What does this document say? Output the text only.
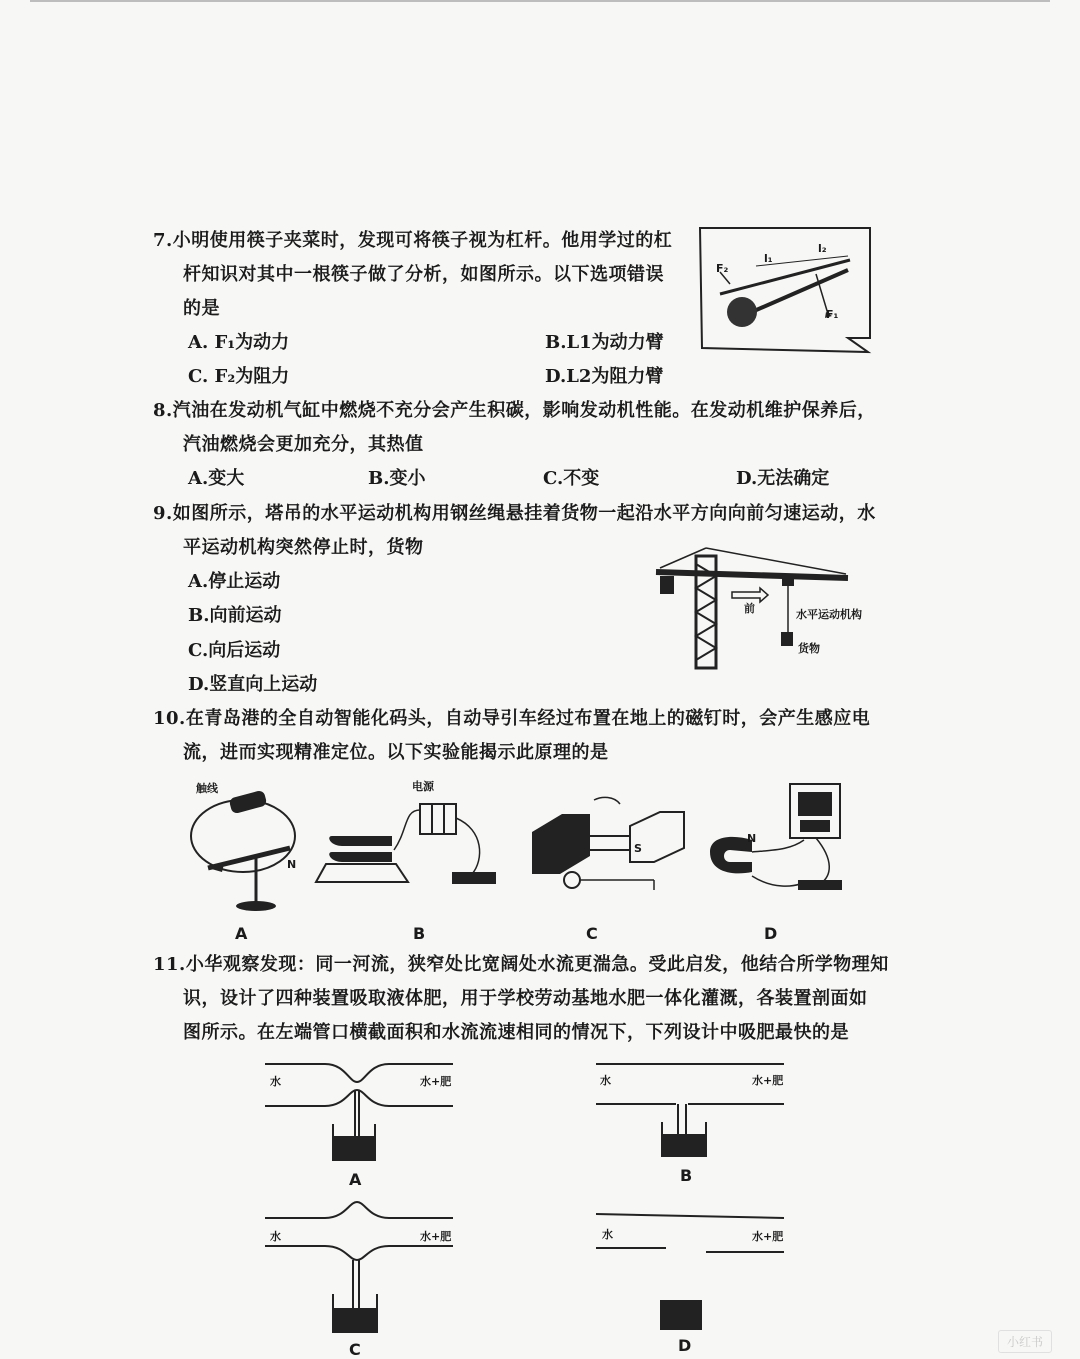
7.小明使用筷子夹菜时，发现可将筷子视为杠杆。他用学过的杠
杆知识对其中一根筷子做了分析，如图所示。以下选项错误
的是
A. F₁为动力	B.L1为动力臂
C. F₂为阻力	D.L2为阻力臂
F₂
l₁
l₂
F₁
8.汽油在发动机气缸中燃烧不充分会产生积碳，影响发动机性能。在发动机维护保养后，
汽油燃烧会更加充分，其热值
A.变大	B.变小	C.不变	D.无法确定
9.如图所示，塔吊的水平运动机构用钢丝绳悬挂着货物一起沿水平方向向前匀速运动，水
平运动机构突然停止时，货物
A.停止运动
B.向前运动
C.向后运动
D.竖直向上运动
前	水平运动机构
货物
10.在青岛港的全自动智能化码头，自动导引车经过布置在地上的磁钉时，会产生感应电
流，进而实现精准定位。以下实验能揭示此原理的是
触线
N
A
电源
B
S
C
N
D
11.小华观察发现：同一河流，狭窄处比宽阔处水流更湍急。受此启发，他结合所学物理知
识，设计了四种装置吸取液体肥，用于学校劳动基地水肥一体化灌溉，各装置剖面如
图所示。在左端管口横截面积和水流流速相同的情况下，下列设计中吸肥最快的是
水	水+肥
A
水	水+肥
B
水	水+肥
C
水	水+肥
D	小红书
